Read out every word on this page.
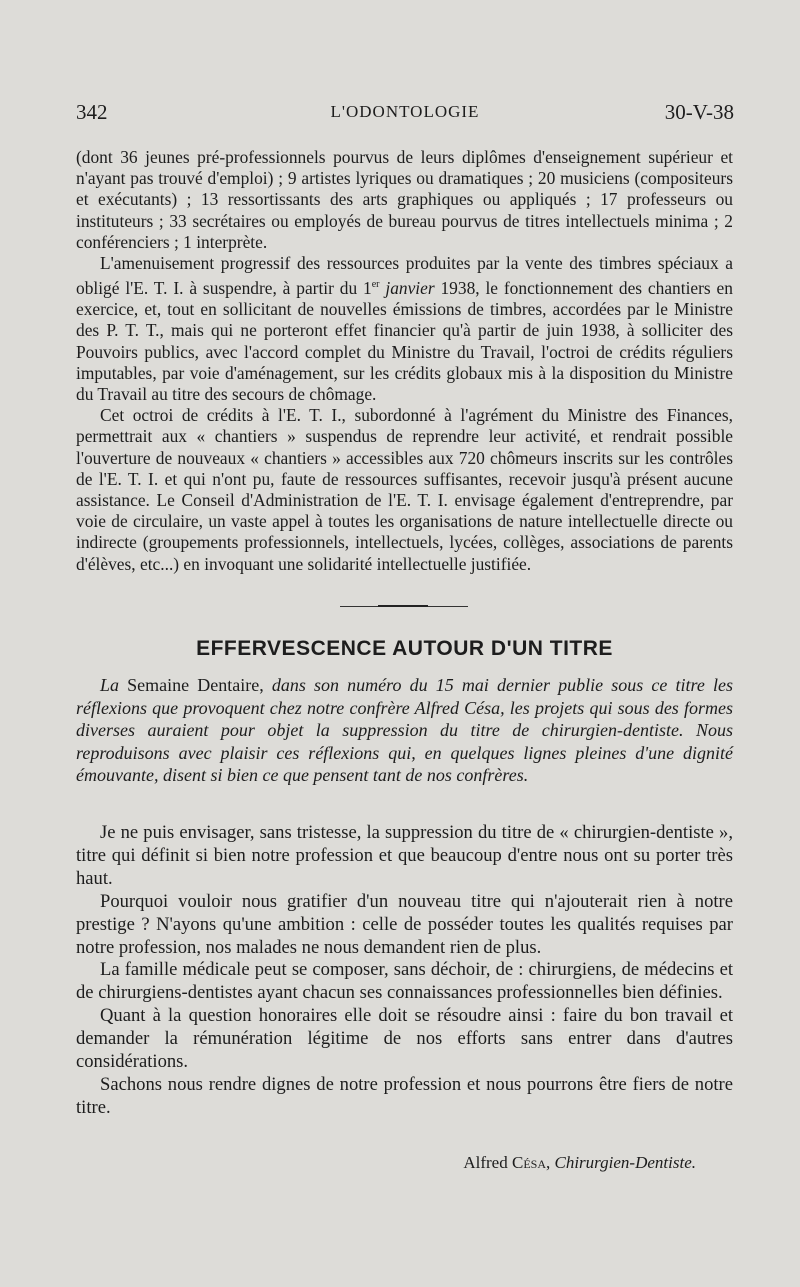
342	L'ODONTOLOGIE	30-V-38

(dont 36 jeunes pré-professionnels pourvus de leurs diplômes d'enseignement supérieur et n'ayant pas trouvé d'emploi) ; 9 artistes lyriques ou dramatiques ; 20 musiciens (compositeurs et exécutants) ; 13 ressortissants des arts graphiques ou appliqués ; 17 professeurs ou instituteurs ; 33 secrétaires ou employés de bureau pourvus de titres intellectuels minima ; 2 conférenciers ; 1 interprète.

L'amenuisement progressif des ressources produites par la vente des timbres spéciaux a obligé l'E. T. I. à suspendre, à partir du 1er janvier 1938, le fonctionnement des chantiers en exercice, et, tout en sollicitant de nouvelles émissions de timbres, accordées par le Ministre des P. T. T., mais qui ne porteront effet financier qu'à partir de juin 1938, à solliciter des Pouvoirs publics, avec l'accord complet du Ministre du Travail, l'octroi de crédits réguliers imputables, par voie d'aménagement, sur les crédits globaux mis à la disposition du Ministre du Travail au titre des secours de chômage.

Cet octroi de crédits à l'E. T. I., subordonné à l'agrément du Ministre des Finances, permettrait aux « chantiers » suspendus de reprendre leur activité, et rendrait possible l'ouverture de nouveaux « chantiers » accessibles aux 720 chômeurs inscrits sur les contrôles de l'E. T. I. et qui n'ont pu, faute de ressources suffisantes, recevoir jusqu'à présent aucune assistance. Le Conseil d'Administration de l'E. T. I. envisage également d'entreprendre, par voie de circulaire, un vaste appel à toutes les organisations de nature intellectuelle directe ou indirecte (groupements professionnels, intellectuels, lycées, collèges, associations de parents d'élèves, etc...) en invoquant une solidarité intellectuelle justifiée.

EFFERVESCENCE AUTOUR D'UN TITRE

La Semaine Dentaire, dans son numéro du 15 mai dernier publie sous ce titre les réflexions que provoquent chez notre confrère Alfred Césa, les projets qui sous des formes diverses auraient pour objet la suppression du titre de chirurgien-dentiste. Nous reproduisons avec plaisir ces réflexions qui, en quelques lignes pleines d'une dignité émouvante, disent si bien ce que pensent tant de nos confrères.

Je ne puis envisager, sans tristesse, la suppression du titre de « chirurgien-dentiste », titre qui définit si bien notre profession et que beaucoup d'entre nous ont su porter très haut.

Pourquoi vouloir nous gratifier d'un nouveau titre qui n'ajouterait rien à notre prestige ? N'ayons qu'une ambition : celle de posséder toutes les qualités requises par notre profession, nos malades ne nous demandent rien de plus.

La famille médicale peut se composer, sans déchoir, de : chirurgiens, de médecins et de chirurgiens-dentistes ayant chacun ses connaissances professionnelles bien définies.

Quant à la question honoraires elle doit se résoudre ainsi : faire du bon travail et demander la rémunération légitime de nos efforts sans entrer dans d'autres considérations.

Sachons nous rendre dignes de notre profession et nous pourrons être fiers de notre titre.

Alfred Césa, Chirurgien-Dentiste.
